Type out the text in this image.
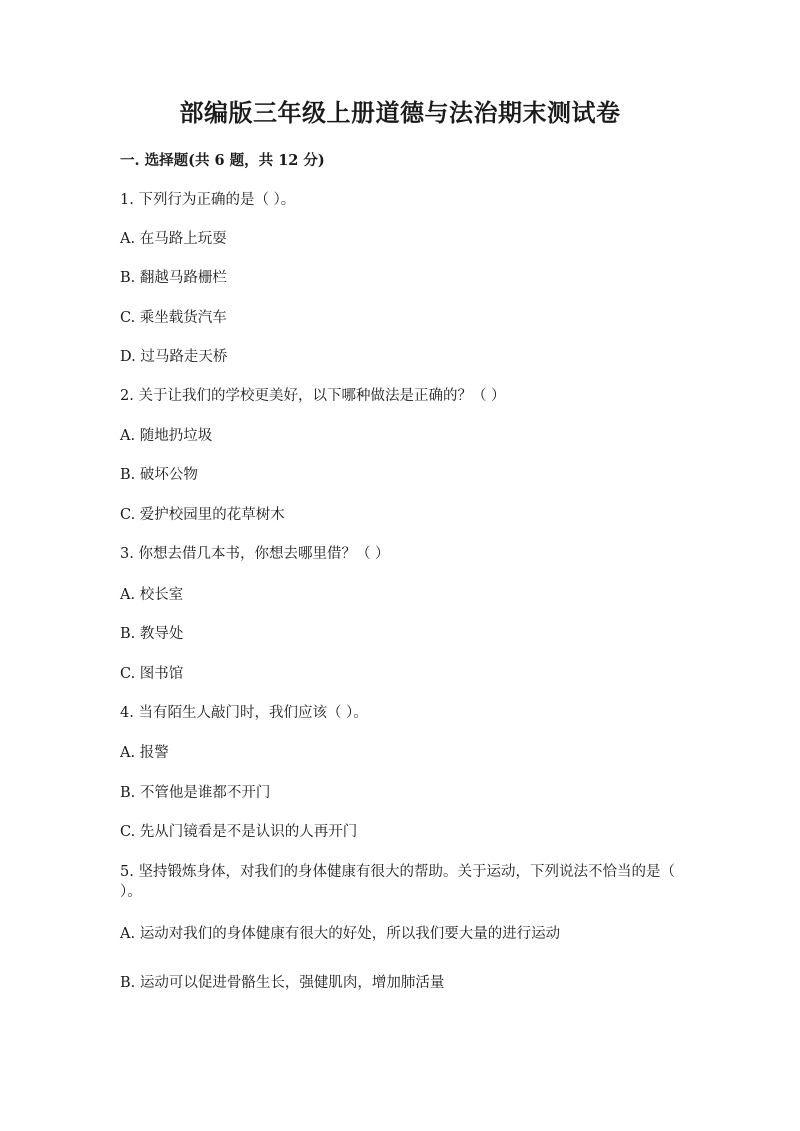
部编版三年级上册道德与法治期末测试卷
一. 选择题(共 6 题，共 12 分)
1. 下列行为正确的是（ ）。
A. 在马路上玩耍
B. 翻越马路栅栏
C. 乘坐载货汽车
D. 过马路走天桥
2. 关于让我们的学校更美好，以下哪种做法是正确的？（ ）
A. 随地扔垃圾
B. 破坏公物
C. 爱护校园里的花草树木
3. 你想去借几本书，你想去哪里借？（ ）
A. 校长室
B. 教导处
C. 图书馆
4. 当有陌生人敲门时，我们应该（ ）。
A. 报警
B. 不管他是谁都不开门
C. 先从门镜看是不是认识的人再开门
5. 坚持锻炼身体，对我们的身体健康有很大的帮助。关于运动，下列说法不恰当的是（ ）。
A. 运动对我们的身体健康有很大的好处，所以我们要大量的进行运动
B. 运动可以促进骨骼生长，强健肌肉，增加肺活量
